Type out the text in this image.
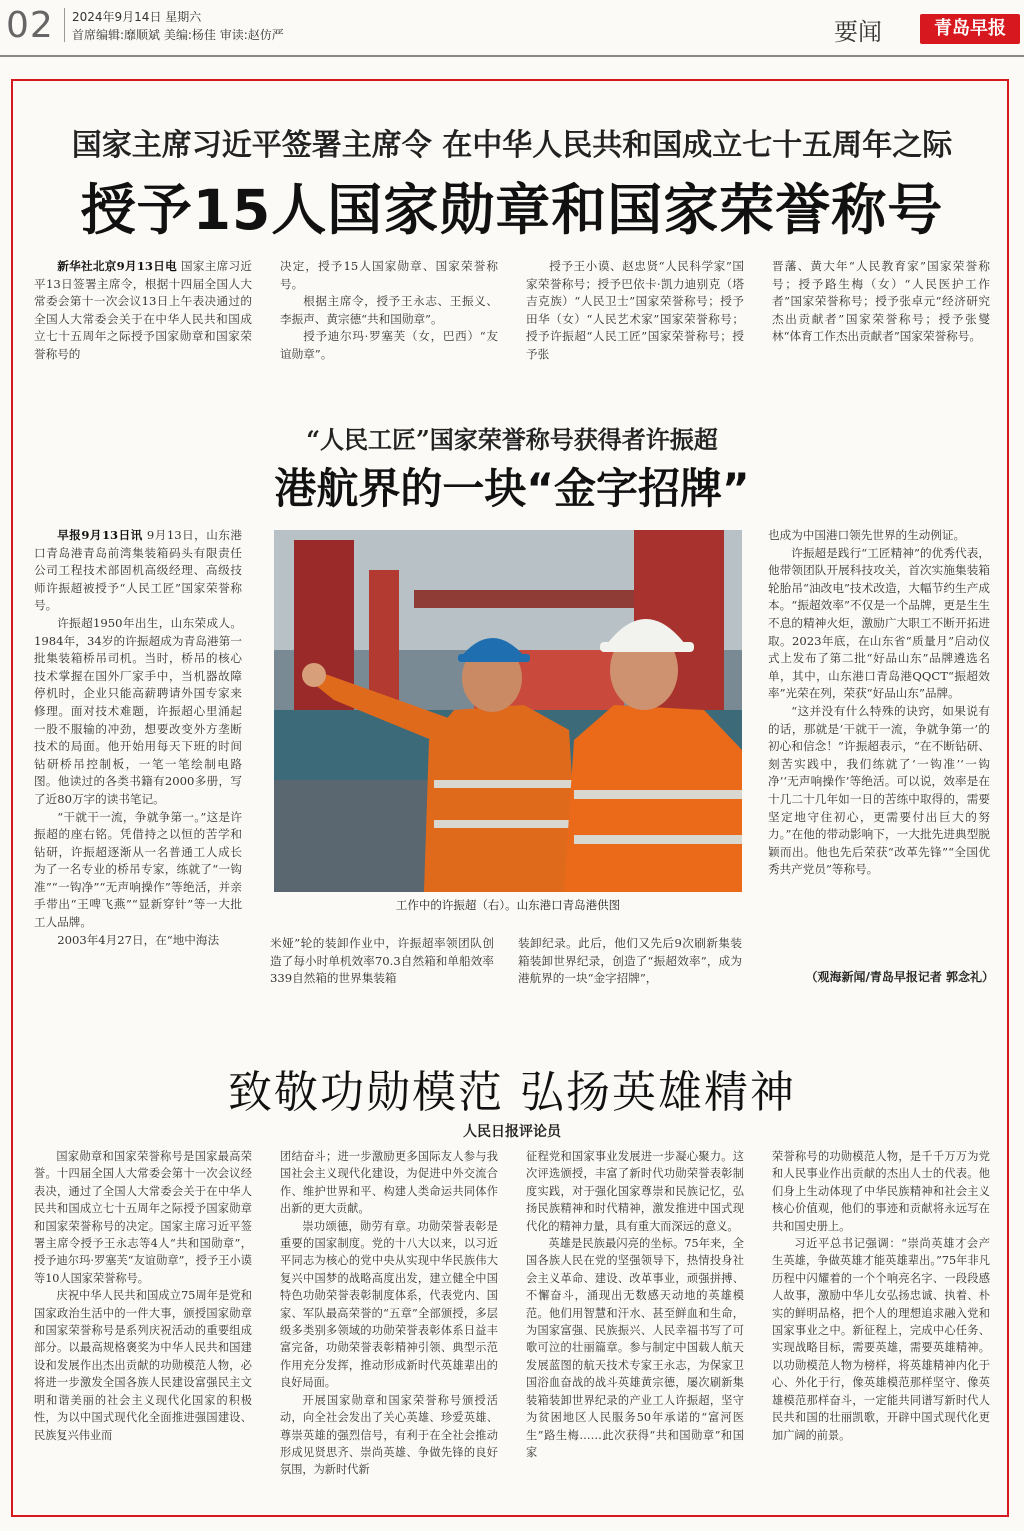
02 2024年9月14日 星期六
首席编辑:靡顺斌 美编:杨佳 审读:赵仿严	要闻	青岛早报
国家主席习近平签署主席令 在中华人民共和国成立七十五周年之际
授予15人国家勋章和国家荣誉称号

新华社北京9月13日电 国家主席习近平13日签署主席令，根据十四届全国人大常委会第十一次会议13日上午表决通过的全国人大常委会关于在中华人民共和国成立七十五周年之际授予国家勋章和国家荣誉称号的

决定，授予15人国家勋章、国家荣誉称号。

根据主席令，授予王永志、王振义、李振声、黄宗德“共和国勋章”。

授予迪尔玛·罗塞芙（女，巴西）“友谊勋章”。

授予王小谟、赵忠贤“人民科学家”国家荣誉称号；授予巴依卡·凯力迪别克（塔吉克族）“人民卫士”国家荣誉称号；授予田华（女）“人民艺术家”国家荣誉称号；授予许振超“人民工匠”国家荣誉称号；授予张

晋藩、黄大年“人民教育家”国家荣誉称号；授予路生梅（女）“人民医护工作者”国家荣誉称号；授予张卓元“经济研究杰出贡献者”国家荣誉称号；授予张燮林“体育工作杰出贡献者”国家荣誉称号。

“人民工匠”国家荣誉称号获得者许振超
港航界的一块“金字招牌”

早报9月13日讯 9月13日，山东港口青岛港青岛前湾集装箱码头有限责任公司工程技术部固机高级经理、高级技师许振超被授予“人民工匠”国家荣誉称号。

许振超1950年出生，山东荣成人。1984年，34岁的许振超成为青岛港第一批集装箱桥吊司机。当时，桥吊的核心技术掌握在国外厂家手中，当机器故障停机时，企业只能高薪聘请外国专家来修理。面对技术难题，许振超心里涌起一股不服输的冲劲，想要改变外方垄断技术的局面。他开始用每天下班的时间钻研桥吊控制板，一笔一笔绘制电路图。他读过的各类书籍有2000多册，写了近80万字的读书笔记。

“干就干一流，争就争第一。”这是许振超的座右铭。凭借持之以恒的苦学和钻研，许振超逐渐从一名普通工人成长为了一名专业的桥吊专家，练就了“一钩准”“一钩净”“无声响操作”等绝活，并亲手带出“王啤飞燕”“显新穿针”等一大批工人品牌。

2003年4月27日，在“地中海法

工作中的许振超（右）。山东港口青岛港供图

米娅”轮的装卸作业中，许振超率领团队创造了每小时单机效率70.3自然箱和单船效率339自然箱的世界集装箱

装卸纪录。此后，他们又先后9次刷新集装箱装卸世界纪录，创造了“振超效率”，成为港航界的一块“金字招牌”，

也成为中国港口领先世界的生动例证。

许振超是践行“工匠精神”的优秀代表，他带领团队开展科技攻关，首次实施集装箱轮胎吊“油改电”技术改造，大幅节约生产成本。“振超效率”不仅是一个品牌，更是生生不息的精神火炬，激励广大职工不断开拓进取。2023年底，在山东省“质量月”启动仪式上发布了第二批“好品山东”品牌遴选名单，其中，山东港口青岛港QQCT“振超效率”光荣在列，荣获“好品山东”品牌。

“这并没有什么特殊的诀窍，如果说有的话，那就是‘干就干一流，争就争第一’的初心和信念！”许振超表示，“在不断钻研、刻苦实践中，我们练就了‘一钩准’‘一钩净’‘无声响操作’等绝活。可以说，效率是在十几二十几年如一日的苦练中取得的，需要坚定地守住初心，更需要付出巨大的努力。”在他的带动影响下，一大批先进典型脱颖而出。他也先后荣获“改革先锋”“全国优秀共产党员”等称号。

（观海新闻/青岛早报记者 郭念礼）
致敬功勋模范 弘扬英雄精神
人民日报评论员

国家勋章和国家荣誉称号是国家最高荣誉。十四届全国人大常委会第十一次会议经表决，通过了全国人大常委会关于在中华人民共和国成立七十五周年之际授予国家勋章和国家荣誉称号的决定。国家主席习近平签署主席令授予王永志等4人“共和国勋章”，授予迪尔玛·罗塞芙“友谊勋章”，授予王小谟等10人国家荣誉称号。

庆祝中华人民共和国成立75周年是党和国家政治生活中的一件大事，颁授国家勋章和国家荣誉称号是系列庆祝活动的重要组成部分。以最高规格褒奖为中华人民共和国建设和发展作出杰出贡献的功勋模范人物，必将进一步激发全国各族人民建设富强民主文明和谐美丽的社会主义现代化国家的积极性，为以中国式现代化全面推进强国建设、民族复兴伟业而

团结奋斗；进一步激励更多国际友人参与我国社会主义现代化建设，为促进中外交流合作、维护世界和平、构建人类命运共同体作出新的更大贡献。

崇功颂德，勋劳有章。功勋荣誉表彰是重要的国家制度。党的十八大以来，以习近平同志为核心的党中央从实现中华民族伟大复兴中国梦的战略高度出发，建立健全中国特色功勋荣誉表彰制度体系，代表党内、国家、军队最高荣誉的“五章”全部颁授，多层级多类别多领域的功勋荣誉表彰体系日益丰富完备，功勋荣誉表彰精神引领、典型示范作用充分发挥，推动形成新时代英雄辈出的良好局面。

开展国家勋章和国家荣誉称号颁授活动，向全社会发出了关心英雄、珍爱英雄、尊崇英雄的强烈信号，有利于在全社会推动形成见贤思齐、崇尚英雄、争做先锋的良好氛围，为新时代新

征程党和国家事业发展进一步凝心聚力。这次评选颁授，丰富了新时代功勋荣誉表彰制度实践，对于强化国家尊崇和民族记忆，弘扬民族精神和时代精神，激发推进中国式现代化的精神力量，具有重大而深远的意义。

英雄是民族最闪亮的坐标。75年来，全国各族人民在党的坚强领导下，热情投身社会主义革命、建设、改革事业，顽强拼搏、不懈奋斗，涌现出无数感天动地的英雄模范。他们用智慧和汗水、甚至鲜血和生命，为国家富强、民族振兴、人民幸福书写了可歌可泣的壮丽篇章。参与制定中国载人航天发展蓝图的航天技术专家王永志，为保家卫国浴血奋战的战斗英雄黄宗德，屡次刷新集装箱装卸世界纪录的产业工人许振超，坚守为贫困地区人民服务50年承诺的“富河医生”路生梅……此次获得“共和国勋章”和国家

荣誉称号的功勋模范人物，是千千万万为党和人民事业作出贡献的杰出人士的代表。他们身上生动体现了中华民族精神和社会主义核心价值观，他们的事迹和贡献将永远写在共和国史册上。

习近平总书记强调：“崇尚英雄才会产生英雄，争做英雄才能英雄辈出。”75年非凡历程中闪耀着的一个个响亮名字、一段段感人故事，激励中华儿女弘扬忠诚、执着、朴实的鲜明品格，把个人的理想追求融入党和国家事业之中。新征程上，完成中心任务、实现战略目标，需要英雄，需要英雄精神。以功勋模范人物为榜样，将英雄精神内化于心、外化于行，像英雄模范那样坚守、像英雄模范那样奋斗，一定能共同谱写新时代人民共和国的壮丽凯歌，开辟中国式现代化更加广阔的前景。
